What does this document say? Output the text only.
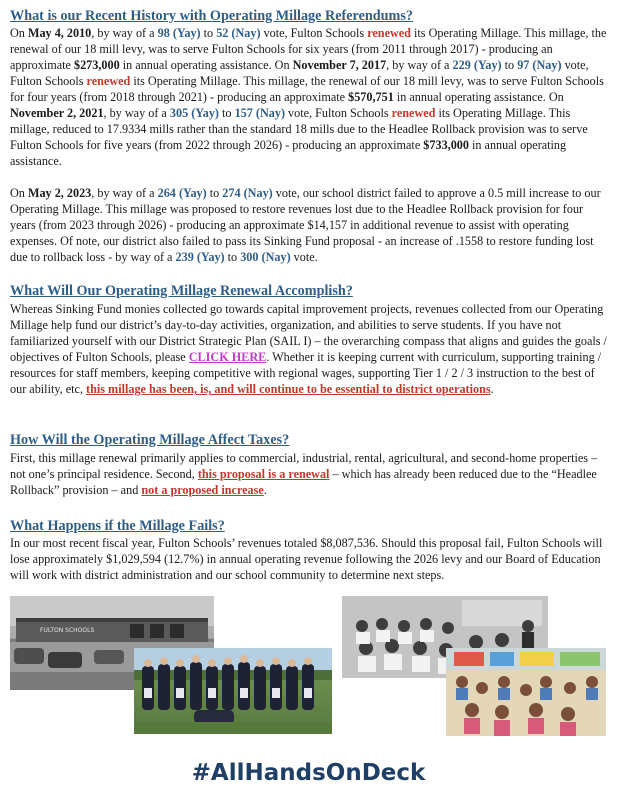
What is our Recent History with Operating Millage Referendums?

On May 4, 2010, by way of a 98 (Yay) to 52 (Nay) vote, Fulton Schools renewed its Operating Millage. This millage, the renewal of our 18 mill levy, was to serve Fulton Schools for six years (from 2011 through 2017) - producing an approximate $273,000 in annual operating assistance. On November 7, 2017, by way of a 229 (Yay) to 97 (Nay) vote, Fulton Schools renewed its Operating Millage. This millage, the renewal of our 18 mill levy, was to serve Fulton Schools for four years (from 2018 through 2021) - producing an approximate $570,751 in annual operating assistance. On November 2, 2021, by way of a 305 (Yay) to 157 (Nay) vote, Fulton Schools renewed its Operating Millage. This millage, reduced to 17.9334 mills rather than the standard 18 mills due to the Headlee Rollback provision was to serve Fulton Schools for five years (from 2022 through 2026) - producing an approximate $733,000 in annual operating assistance.

On May 2, 2023, by way of a 264 (Yay) to 274 (Nay) vote, our school district failed to approve a 0.5 mill increase to our Operating Millage. This millage was proposed to restore revenues lost due to the Headlee Rollback provision for four years (from 2023 through 2026) - producing an approximate $14,157 in additional revenue to assist with operating expenses. Of note, our district also failed to pass its Sinking Fund proposal - an increase of .1558 to restore funding lost due to rollback loss - by way of a 239 (Yay) to 300 (Nay) vote.

What Will Our Operating Millage Renewal Accomplish?

Whereas Sinking Fund monies collected go towards capital improvement projects, revenues collected from our Operating Millage help fund our district’s day-to-day activities, organization, and abilities to serve students. If you have not familiarized yourself with our District Strategic Plan (SAIL I) – the overarching compass that aligns and guides the goals / objectives of Fulton Schools, please CLICK HERE. Whether it is keeping current with curriculum, supporting training / resources for staff members, keeping competitive with regional wages, supporting Tier 1 / 2 / 3 instruction to the best of our ability, etc, this millage has been, is, and will continue to be essential to district operations.

How Will the Operating Millage Affect Taxes?

First, this millage renewal primarily applies to commercial, industrial, rental, agricultural, and second-home properties – not one’s principal residence. Second, this proposal is a renewal – which has already been reduced due to the “Headlee Rollback” provision – and not a proposed increase.

What Happens if the Millage Fails?

In our most recent fiscal year, Fulton Schools’ revenues totaled $8,087,536. Should this proposal fail, Fulton Schools will lose approximately $1,029,594 (12.7%) in annual operating revenue following the 2026 levy and our Board of Education will work with district administration and our school community to determine next steps.

FULTON SCHOOLS
#AllHandsOnDeck
